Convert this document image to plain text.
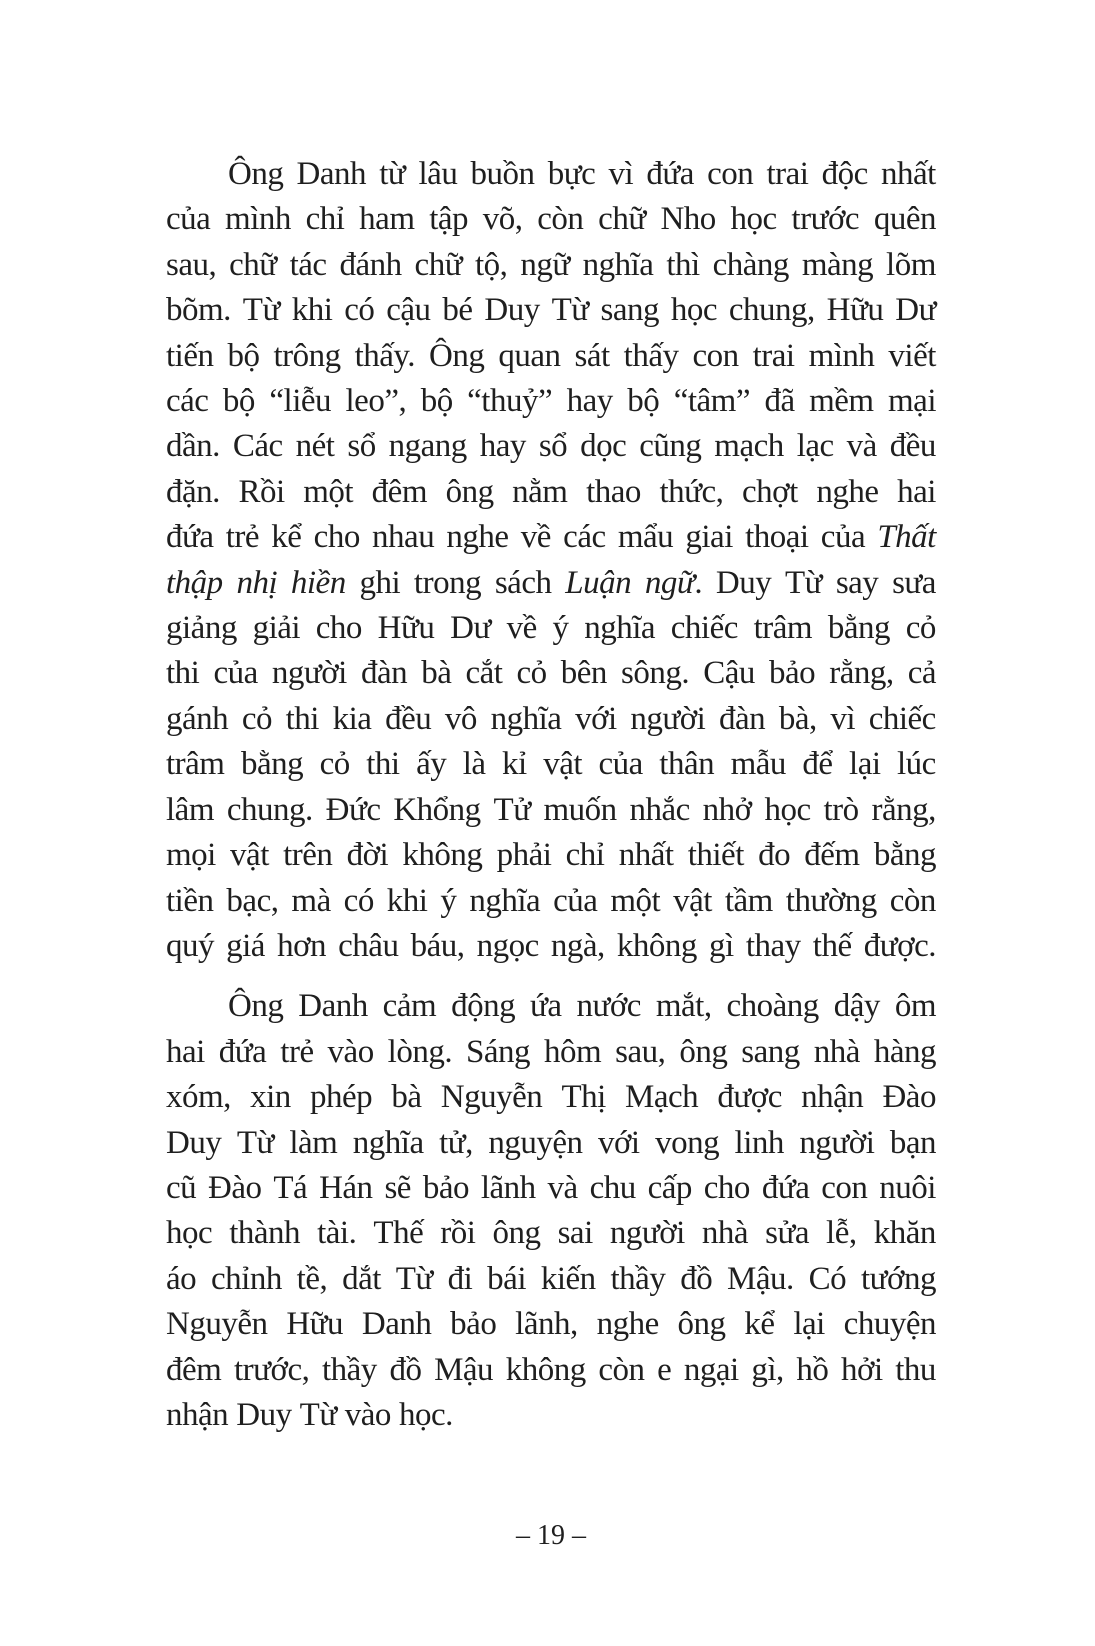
Ông Danh từ lâu buồn bực vì đứa con trai độc nhất
của mình chỉ ham tập võ, còn chữ Nho học trước quên
sau, chữ tác đánh chữ tộ, ngữ nghĩa thì chàng màng lõm
bõm. Từ khi có cậu bé Duy Từ sang học chung, Hữu Dư
tiến bộ trông thấy. Ông quan sát thấy con trai mình viết
các bộ “liễu leo”, bộ “thuỷ” hay bộ “tâm” đã mềm mại
dần. Các nét sổ ngang hay sổ dọc cũng mạch lạc và đều
đặn. Rồi một đêm ông nằm thao thức, chợt nghe hai
đứa trẻ kể cho nhau nghe về các mẩu giai thoại của Thất
thập nhị hiền ghi trong sách Luận ngữ. Duy Từ say sưa
giảng giải cho Hữu Dư về ý nghĩa chiếc trâm bằng cỏ
thi của người đàn bà cắt cỏ bên sông. Cậu bảo rằng, cả
gánh cỏ thi kia đều vô nghĩa với người đàn bà, vì chiếc
trâm bằng cỏ thi ấy là kỉ vật của thân mẫu để lại lúc
lâm chung. Đức Khổng Tử muốn nhắc nhở học trò rằng,
mọi vật trên đời không phải chỉ nhất thiết đo đếm bằng
tiền bạc, mà có khi ý nghĩa của một vật tầm thường còn
quý giá hơn châu báu, ngọc ngà, không gì thay thế được.
Ông Danh cảm động ứa nước mắt, choàng dậy ôm
hai đứa trẻ vào lòng. Sáng hôm sau, ông sang nhà hàng
xóm, xin phép bà Nguyễn Thị Mạch được nhận Đào
Duy Từ làm nghĩa tử, nguyện với vong linh người bạn
cũ Đào Tá Hán sẽ bảo lãnh và chu cấp cho đứa con nuôi
học thành tài. Thế rồi ông sai người nhà sửa lễ, khăn
áo chỉnh tề, dắt Từ đi bái kiến thầy đồ Mậu. Có tướng
Nguyễn Hữu Danh bảo lãnh, nghe ông kể lại chuyện
đêm trước, thầy đồ Mậu không còn e ngại gì, hồ hởi thu
nhận Duy Từ vào học.
– 19 –
